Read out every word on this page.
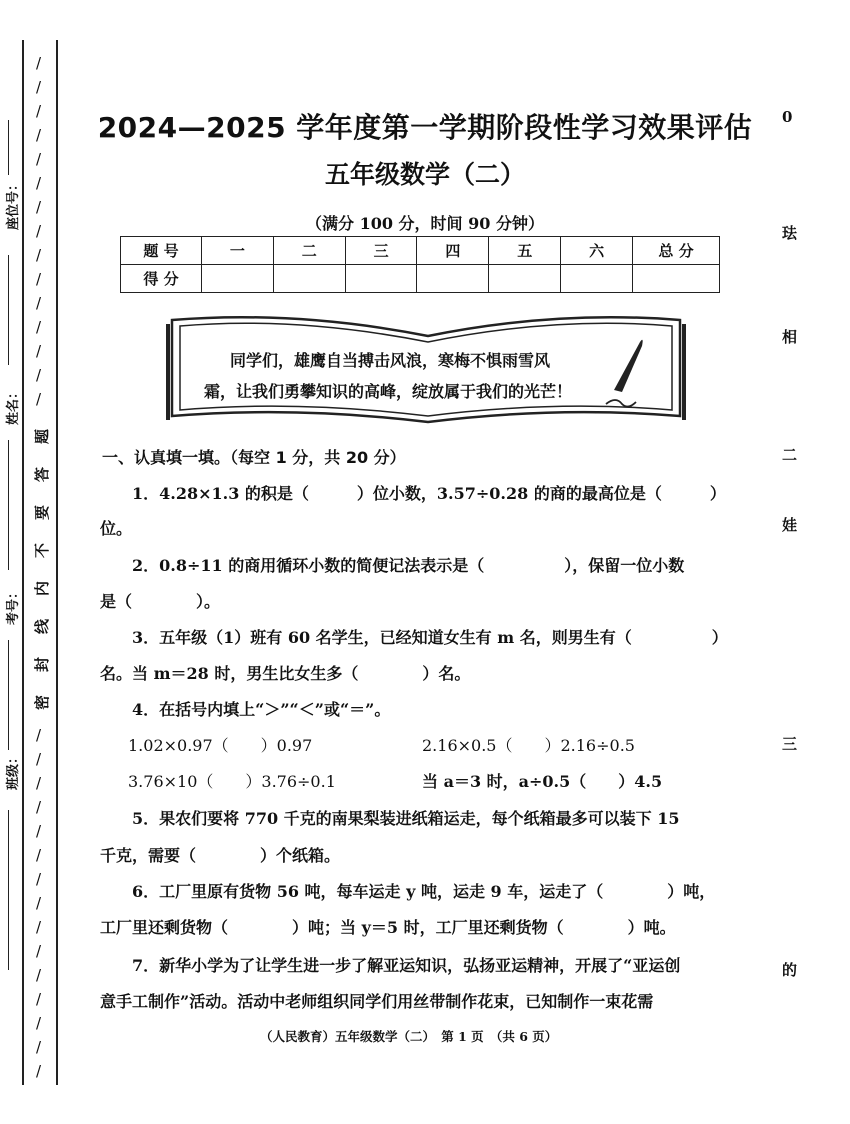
座位号：
姓名：
考号：
班级：
/
/
/
/
/
/
/
/
/
/
/
/
/
/
/
/
/
/
/
/
/
/
/
/
/
/
/
/
/
/
密
封
线
内
不
要
答
题
0
珐
相
二
娃
三
的
2024—2025 学年度第一学期阶段性学习效果评估
五年级数学（二）
（满分 100 分，时间 90 分钟）
题 号	一	二	三	四	五	六	总 分
得 分							
同学们，雄鹰自当搏击风浪，寒梅不惧雨雪风
霜，让我们勇攀知识的高峰，绽放属于我们的光芒！
一、认真填一填。（每空 1 分，共 20 分）
1．4.28×1.3 的积是（　　　）位小数，3.57÷0.28 的商的最高位是（　　　）
位。
2．0.8÷11 的商用循环小数的简便记法表示是（　　　　　），保留一位小数
是（　　　　）。
3．五年级（1）班有 60 名学生，已经知道女生有 m 名，则男生有（　　　　　）
名。当 m＝28 时，男生比女生多（　　　　）名。
4．在括号内填上“＞”“＜”或“＝”。
1.02×0.97（　　）0.97	2.16×0.5（　　）2.16÷0.5
3.76×10（　　）3.76÷0.1	当 a＝3 时，a÷0.5（　　）4.5
5．果农们要将 770 千克的南果梨装进纸箱运走，每个纸箱最多可以装下 15
千克，需要（　　　　）个纸箱。
6．工厂里原有货物 56 吨，每车运走 y 吨，运走 9 车，运走了（　　　　）吨，
工厂里还剩货物（　　　　）吨；当 y＝5 时，工厂里还剩货物（　　　　）吨。
7．新华小学为了让学生进一步了解亚运知识，弘扬亚运精神，开展了“亚运创
意手工制作”活动。活动中老师组织同学们用丝带制作花束，已知制作一束花需
（人民教育）五年级数学（二）　第 1 页　（共 6 页）
